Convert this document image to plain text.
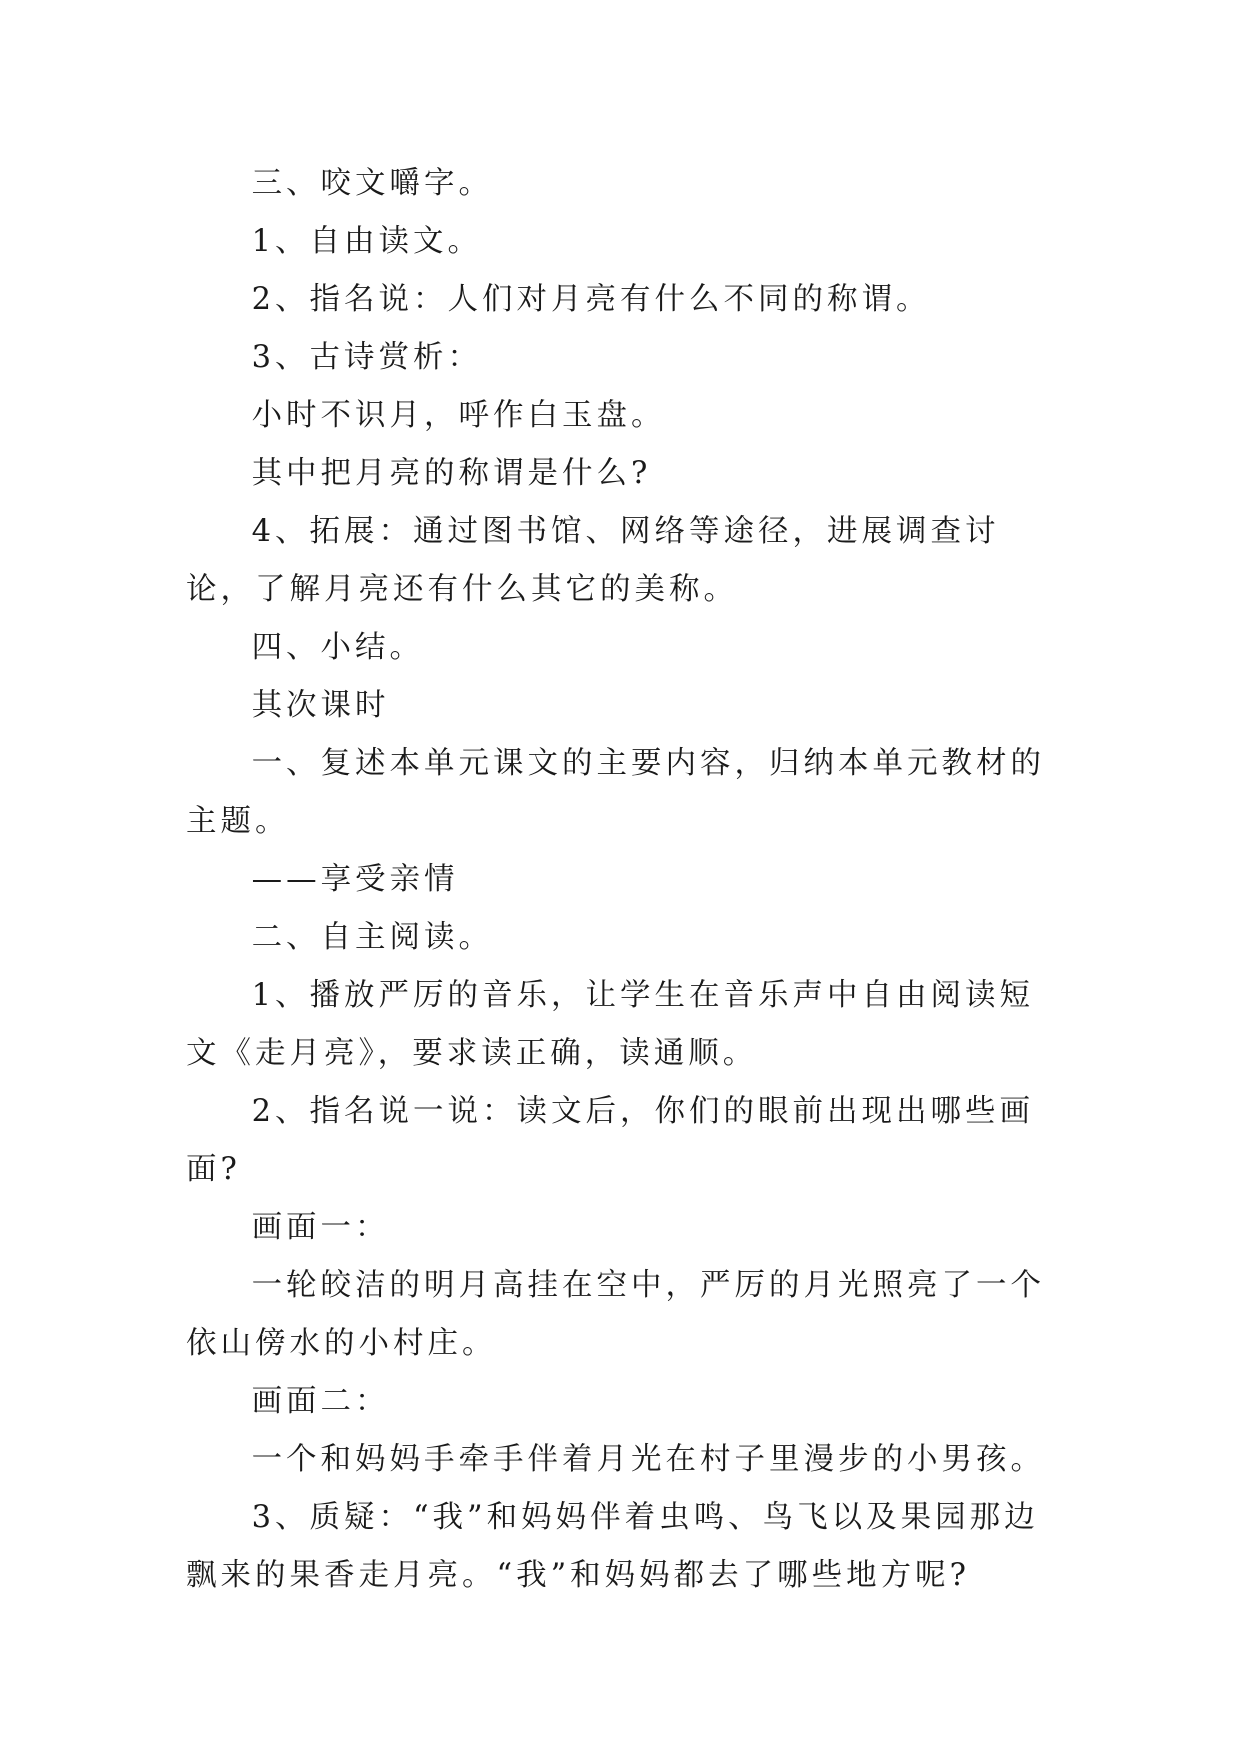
三、咬文嚼字。

1、自由读文。

2、指名说：人们对月亮有什么不同的称谓。

3、古诗赏析：

小时不识月，呼作白玉盘。

其中把月亮的称谓是什么?

4、拓展：通过图书馆、网络等途径，进展调查讨论，了解月亮还有什么其它的美称。

四、小结。

其次课时

一、复述本单元课文的主要内容，归纳本单元教材的主题。

——享受亲情

二、自主阅读。

1、播放严厉的音乐，让学生在音乐声中自由阅读短文《走月亮》，要求读正确，读通顺。

2、指名说一说：读文后，你们的眼前出现出哪些画面?

画面一：

一轮皎洁的明月高挂在空中，严厉的月光照亮了一个依山傍水的小村庄。

画面二：

一个和妈妈手牵手伴着月光在村子里漫步的小男孩。

3、质疑：“我”和妈妈伴着虫鸣、鸟飞以及果园那边飘来的果香走月亮。“我”和妈妈都去了哪些地方呢?
